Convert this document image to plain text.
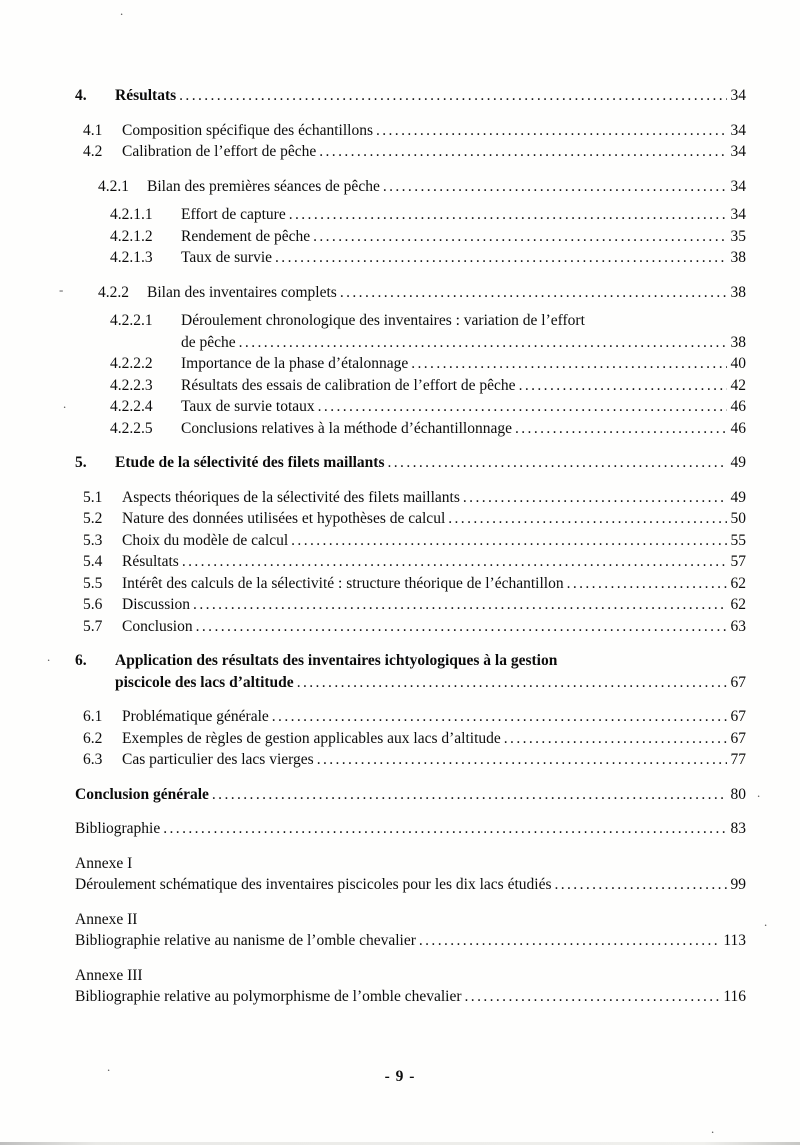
4.	Résultats .....	34
4.1	Composition spécifique des échantillons .....	34
4.2	Calibration de l’effort de pêche .....	34
4.2.1	Bilan des premières séances de pêche .....	34
4.2.1.1	Effort de capture .....	34
4.2.1.2	Rendement de pêche .....	35
4.2.1.3	Taux de survie .....	38
4.2.2	Bilan des inventaires complets .....	38
4.2.2.1	Déroulement chronologique des inventaires : variation de l’effort
de pêche .....	38
4.2.2.2	Importance de la phase d’étalonnage .....	40
4.2.2.3	Résultats des essais de calibration de l’effort de pêche .....	42
4.2.2.4	Taux de survie totaux .....	46
4.2.2.5	Conclusions relatives à la méthode d’échantillonnage .....	46
5.	Etude de la sélectivité des filets maillants .....	49
5.1	Aspects théoriques de la sélectivité des filets maillants .....	49
5.2	Nature des données utilisées et hypothèses de calcul .....	50
5.3	Choix du modèle de calcul .....	55
5.4	Résultats .....	57
5.5	Intérêt des calculs de la sélectivité : structure théorique de l’échantillon .....	62
5.6	Discussion .....	62
5.7	Conclusion .....	63
6.	Application des résultats des inventaires ichtyologiques à la gestion
piscicole des lacs d’altitude .....	67
6.1	Problématique générale .....	67
6.2	Exemples de règles de gestion applicables aux lacs d’altitude .....	67
6.3	Cas particulier des lacs vierges .....	77
Conclusion générale .....	80
Bibliographie .....	83
Annexe I
Déroulement schématique des inventaires piscicoles pour les dix lacs étudiés .....	99
Annexe II
Bibliographie relative au nanisme de l’omble chevalier .....	113
Annexe III
Bibliographie relative au polymorphisme de l’omble chevalier .....	116
- 9 -
.
-
.
.
.
.
.
.
